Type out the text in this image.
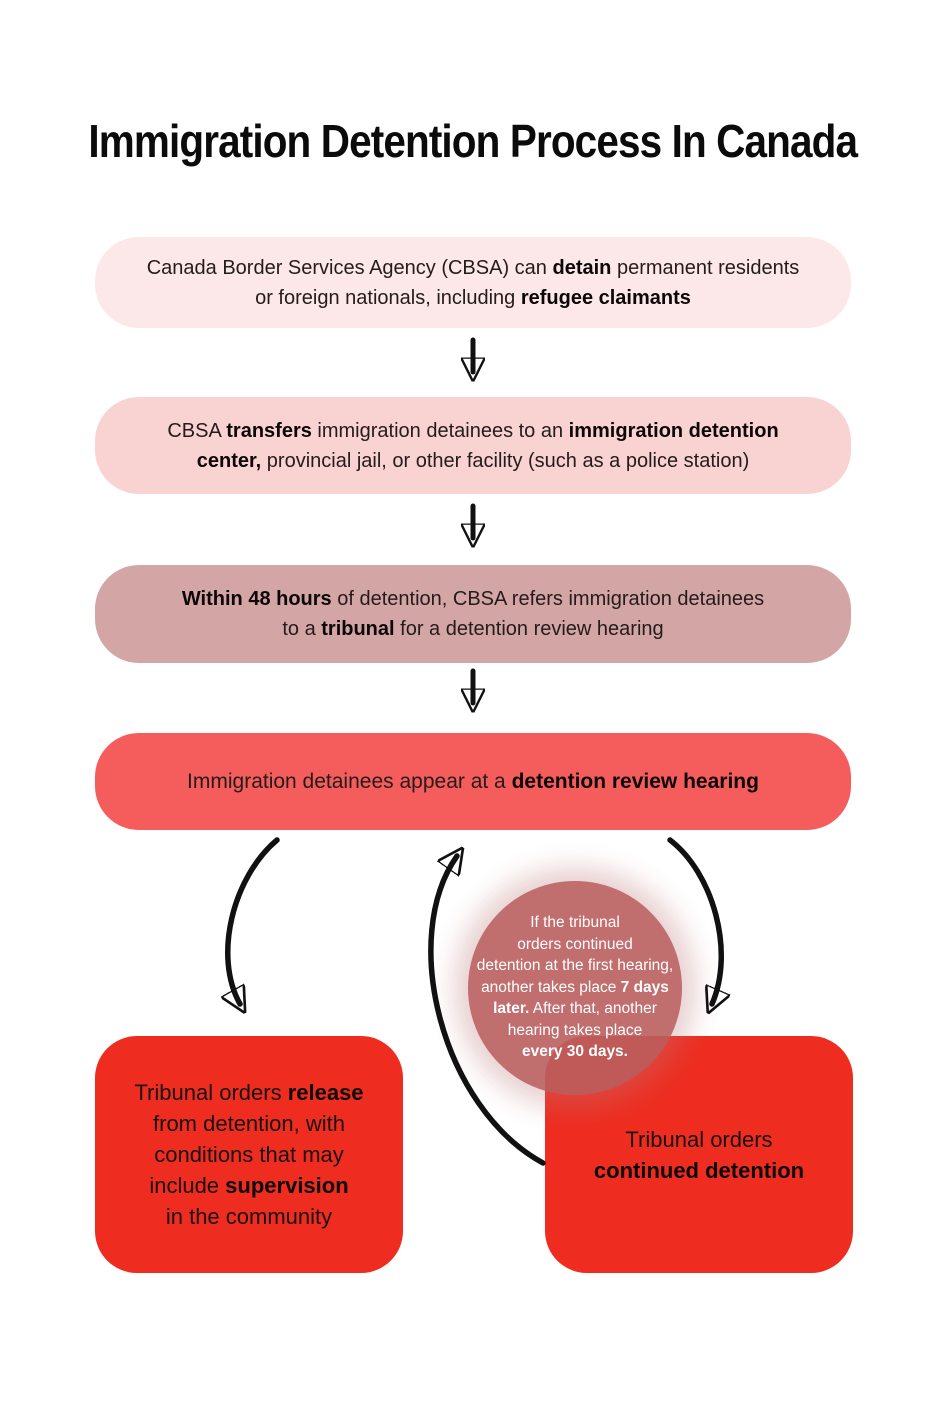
Immigration Detention Process In Canada
Canada Border Services Agency (CBSA) can detain permanent residents
or foreign nationals, including refugee claimants
CBSA transfers immigration detainees to an immigration detention
center, provincial jail, or other facility (such as a police station)
Within 48 hours of detention, CBSA refers immigration detainees
to a tribunal for a detention review hearing
Immigration detainees appear at a detention review hearing
Tribunal orders release
from detention, with
conditions that may
include supervision
in the community
Tribunal orders
continued detention
If the tribunal
orders continued
detention at the first hearing,
another takes place 7 days
later. After that, another
hearing takes place
every 30 days.
